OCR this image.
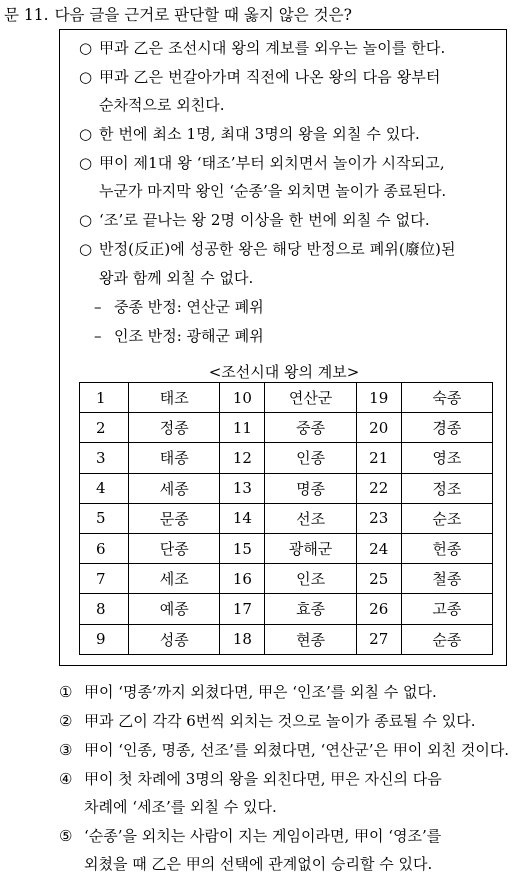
문 11. 다음 글을 근거로 판단할 때 옳지 않은 것은?
○ 甲과 乙은 조선시대 왕의 계보를 외우는 놀이를 한다.
○ 甲과 乙은 번갈아가며 직전에 나온 왕의 다음 왕부터
순차적으로 외친다.
○ 한 번에 최소 1명, 최대 3명의 왕을 외칠 수 있다.
○ 甲이 제1대 왕 ‘태조’부터 외치면서 놀이가 시작되고,
누군가 마지막 왕인 ‘순종’을 외치면 놀이가 종료된다.
○ ‘조’로 끝나는 왕 2명 이상을 한 번에 외칠 수 없다.
○ 반정(反正)에 성공한 왕은 해당 반정으로 폐위(廢位)된
왕과 함께 외칠 수 없다.
– 중종 반정: 연산군 폐위
– 인조 반정: 광해군 폐위
<조선시대 왕의 계보>
1	태조	10	연산군	19	숙종
2	정종	11	중종	20	경종
3	태종	12	인종	21	영조
4	세종	13	명종	22	정조
5	문종	14	선조	23	순조
6	단종	15	광해군	24	헌종
7	세조	16	인조	25	철종
8	예종	17	효종	26	고종
9	성종	18	현종	27	순종
① 甲이 ‘명종’까지 외쳤다면, 甲은 ‘인조’를 외칠 수 없다.
② 甲과 乙이 각각 6번씩 외치는 것으로 놀이가 종료될 수 있다.
③ 甲이 ‘인종, 명종, 선조’를 외쳤다면, ‘연산군’은 甲이 외친 것이다.
④ 甲이 첫 차례에 3명의 왕을 외친다면, 甲은 자신의 다음
차례에 ‘세조’를 외칠 수 있다.
⑤ ‘순종’을 외치는 사람이 지는 게임이라면, 甲이 ‘영조’를
외쳤을 때 乙은 甲의 선택에 관계없이 승리할 수 있다.
